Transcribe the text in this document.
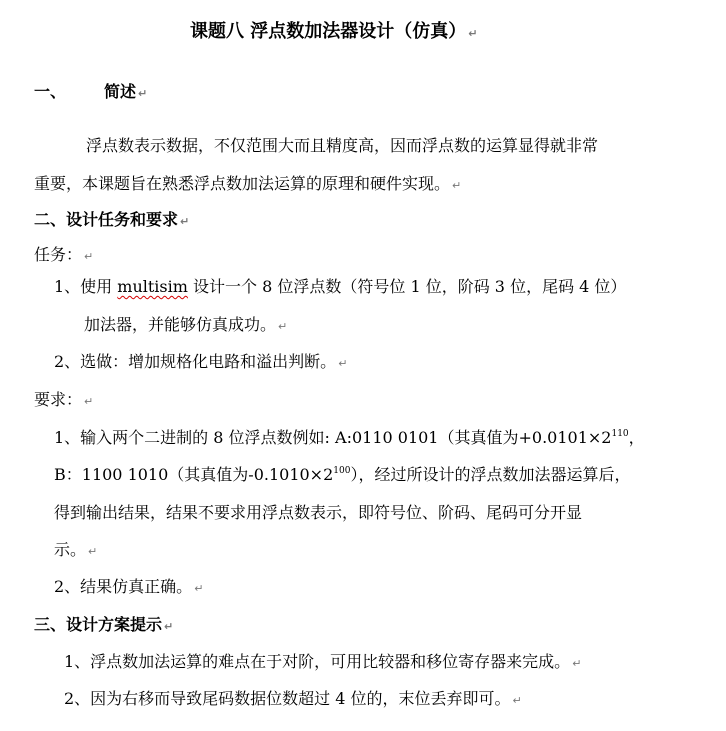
课题八 浮点数加法器设计（仿真） ↵
一、 简述 ↵
浮点数表示数据，不仅范围大而且精度高，因而浮点数的运算显得就非常
重要，本课题旨在熟悉浮点数加法运算的原理和硬件实现。 ↵
二、设计任务和要求 ↵
任务： ↵
1、使用 multisim 设计一个 8 位浮点数（符号位 1 位，阶码 3 位，尾码 4 位）
加法器，并能够仿真成功。 ↵
2、选做：增加规格化电路和溢出判断。 ↵
要求： ↵
1、输入两个二进制的 8 位浮点数例如: A:0110 0101（其真值为$+0.0101\times 2^{110}$，
B：1100 1010（其真值为$-0.1010\times 2^{100}$），经过所设计的浮点数加法器运算后，
得到输出结果，结果不要求用浮点数表示，即符号位、阶码、尾码可分开显
示。 ↵
2、结果仿真正确。 ↵
三、设计方案提示 ↵
1、浮点数加法运算的难点在于对阶，可用比较器和移位寄存器来完成。 ↵
2、因为右移而导致尾码数据位数超过 4 位的，末位丢弃即可。 ↵
